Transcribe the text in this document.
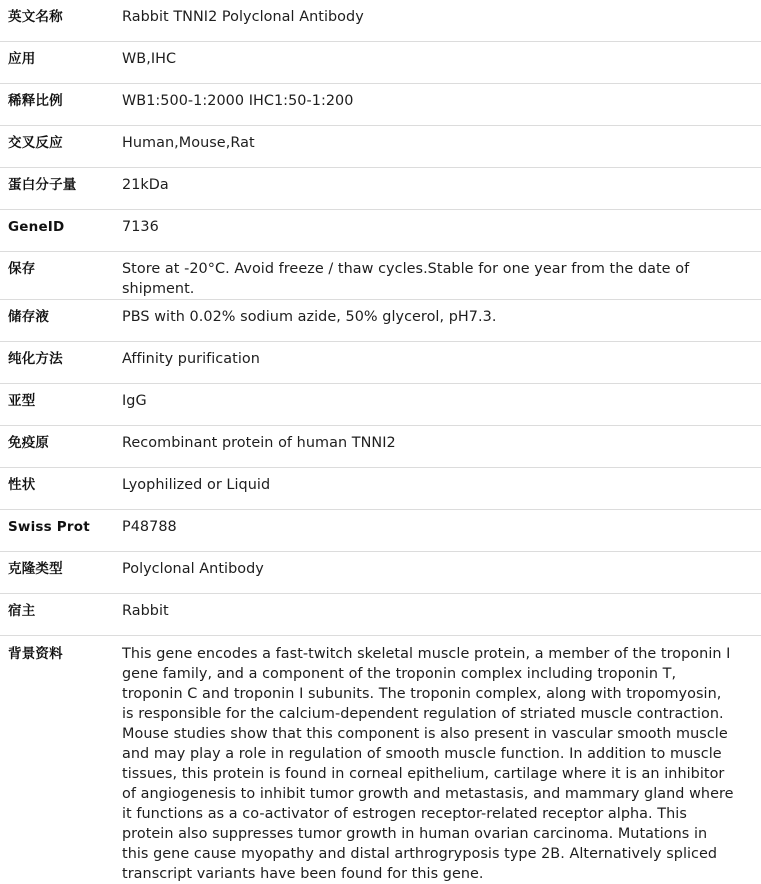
英文名称	Rabbit TNNI2 Polyclonal Antibody
应用	WB,IHC
稀释比例	WB1:500-1:2000 IHC1:50-1:200
交叉反应	Human,Mouse,Rat
蛋白分子量	21kDa
GeneID	7136
保存	Store at -20°C. Avoid freeze / thaw cycles.Stable for one year from the date of shipment.
储存液	PBS with 0.02% sodium azide, 50% glycerol, pH7.3.
纯化方法	Affinity purification
亚型	IgG
免疫原	Recombinant protein of human TNNI2
性状	Lyophilized or Liquid
Swiss Prot	P48788
克隆类型	Polyclonal Antibody
宿主	Rabbit
背景资料	This gene encodes a fast-twitch skeletal muscle protein, a member of the troponin I gene family, and a component of the troponin complex including troponin T, troponin C and troponin I subunits. The troponin complex, along with tropomyosin, is responsible for the calcium-dependent regulation of striated muscle contraction. Mouse studies show that this component is also present in vascular smooth muscle and may play a role in regulation of smooth muscle function. In addition to muscle tissues, this protein is found in corneal epithelium, cartilage where it is an inhibitor of angiogenesis to inhibit tumor growth and metastasis, and mammary gland where it functions as a co-activator of estrogen receptor-related receptor alpha. This protein also suppresses tumor growth in human ovarian carcinoma. Mutations in this gene cause myopathy and distal arthrogryposis type 2B. Alternatively spliced transcript variants have been found for this gene.
